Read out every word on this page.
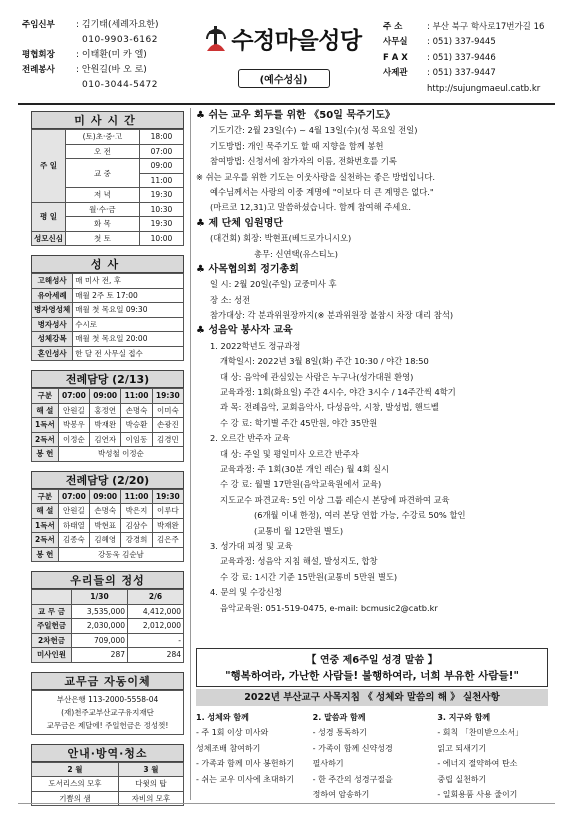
주임신부	: 김기태(세례자요한)
010-9903-6162
평협회장	: 이태환(미 카 엘)
전례봉사	: 안원길(바 오 로)
010-3044-5472
수정마을성당
(예수성심)
주 소	: 부산 북구 학사로17번가길 16
사무실	: 051) 337-9445
F A X	: 051) 337-9446
사제관	: 051) 337-9447
http://sujungmaeul.catb.kr
미사시간
주 일	(토)초·중·고	18:00
	오 전	07:00
	교 중	09:00
		11:00
	저 녁	19:30
평 일	월·수·금	10:30
	화 목	19:30
성모신심	첫 토	10:00
성사
고해성사	매 미사 전, 후
유아세례	매월 2주 토 17:00
병자영성체	매월 첫 목요일 09:30
병자성사	수시로
성체강복	매월 첫 목요일 20:00
혼인성사	한 달 전 사무실 접수
전례담당 (2/13)
구분	07:00	09:00	11:00	19:30
해 설	안원길	홍정연	손명숙	이미숙
1독서	박봉우	박재완	박승환	손광진
2독서	이정순	김연자	이임동	김경민
봉 헌	박성철 이정순			
전례담당 (2/20)
구분	07:00	09:00	11:00	19:30
해 설	안원길	손명숙	박은지	이루다
1독서	하태열	박현표	김삼수	박재완
2독서	김종숙	김혜영	강경희	김은주
봉 헌	강동욱 김순남			
우리들의 정성
	1/30	2/6
교 무 금	3,535,000	4,412,000
주일헌금	2,030,000	2,012,000
2차헌금	709,000	-
미사인원	287	284
교무금 자동이체
부산은행 113-2000-5558-04
(재)천주교부산교구유지재단
교무금은 제달에! 주일헌금은 정성껏!
안내·방역·청소
2 월	3 월
도서리스의 모후	다윗의 탑
기쁨의 샘	자비의 모후
♣ 쉬는 교우 회두를 위한 《50일 묵주기도》
기도기간: 2월 23일(수) ~ 4월 13일(수)(성 목요일 전일)
기도방법: 개인 묵주기도 할 때 지향을 함께 봉헌
참여방법: 신청서에 참가자의 이름, 전화번호를 기록
※ 쉬는 교우를 위한 기도는 이웃사랑을 실천하는 좋은 방법입니다.
예수님께서는 사랑의 이중 계명에 "이보다 더 큰 계명은 없다."
(마르코 12,31)고 말씀하셨습니다. 함께 참여해 주세요.
♣ 제 단체 임원명단
(대건회) 회장: 박현표(베드로가니시오)
총무: 신연택(유스티노)
♣ 사목협의회 정기총회
일 시: 2월 20일(주일) 교중미사 후
장 소: 성전
참가대상: 각 분과위원장까지(※ 분과위원장 불참시 차장 대리 참석)
♣ 성음악 봉사자 교육
1. 2022학년도 정규과정
개학일시: 2022년 3월 8일(화) 주간 10:30 / 야간 18:50
대 상: 음악에 관심있는 사람은 누구나(성가대원 환영)
교육과정: 1회(화요일) 주간 4시수, 야간 3시수 / 14주간씩 4학기
과 목: 전례음악, 교회음악사, 다성음악, 시창, 발성법, 핸드벨
수 강 료: 학기별 주간 45만원, 야간 35만원
2. 오르간 반주자 교육
대 상: 주일 및 평일미사 오르간 반주자
교육과정: 주 1회(30분 개인 레슨) 월 4회 실시
수 강 료: 월별 17만원(음악교육원에서 교육)
지도교수 파견교육: 5인 이상 그룹 레슨시 본당에 파견하여 교육
(6개월 이내 한정), 여러 본당 연합 가능, 수강료 50% 할인
(교통비 월 12만원 별도)
3. 성가대 피정 및 교육
교육과정: 성음악 지침 해설, 발성지도, 합창
수 강 료: 1시간 기준 15만원(교통비 5만원 별도)
4. 문의 및 수강신청
음악교육원: 051-519-0475, e-mail: bcmusic2@catb.kr
【 연중 제6주일 성경 말씀 】
"행복하여라, 가난한 사람들! 불행하여라, 너희 부유한 사람들!"
2022년 부산교구 사목지침 《 성체와 말씀의 해 》 실천사항
1. 성체와 함께
- 주 1회 이상 미사와
성체조배 참여하기
- 가족과 함께 미사 봉헌하기
- 쉬는 교우 미사에 초대하기
2. 말씀과 함께
- 성경 통독하기
- 가족이 함께 신약성경
필사하기
- 한 주간의 성경구절을
정하여 암송하기
3. 지구와 함께
- 회칙 「찬미받으소서」
읽고 되새기기
- 에너지 절약하여 탄소
중립 실천하기
- 일회용품 사용 줄이기
